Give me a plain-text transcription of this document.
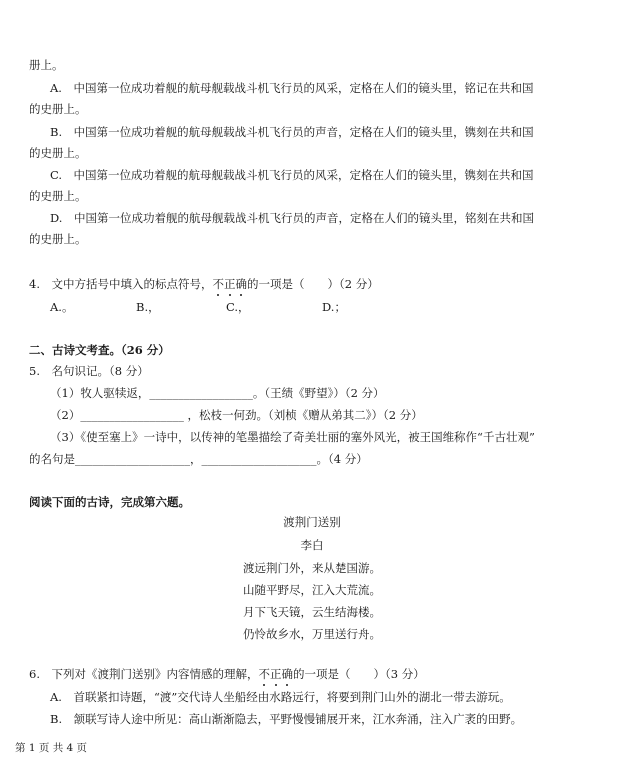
册上。
A.　中国第一位成功着舰的航母舰载战斗机飞行员的风采，定格在人们的镜头里，铭记在共和国
的史册上。
B.　中国第一位成功着舰的航母舰载战斗机飞行员的声音，定格在人们的镜头里，镌刻在共和国
的史册上。
C.　中国第一位成功着舰的航母舰载战斗机飞行员的风采，定格在人们的镜头里，镌刻在共和国
的史册上。
D.　中国第一位成功着舰的航母舰载战斗机飞行员的声音，定格在人们的镜头里，铭刻在共和国
的史册上。
4.　文中方括号中填入的标点符号，不正确的一项是（　　）（2 分）
A.。	B.，	C.，	D.；
二、古诗文考查。（26 分）
5.　名句识记。（8 分）
（1）牧人驱犊返，__________________。（王绩《野望》）（2 分）
（2）__________________ ，松枝一何劲。（刘桢《赠从弟其二》）（2 分）
（3）《使至塞上》一诗中，以传神的笔墨描绘了奇美壮丽的塞外风光，被王国维称作“千古壮观”
的名句是____________________，____________________。（4 分）
阅读下面的古诗，完成第六题。
渡荆门送别
李白
渡远荆门外，来从楚国游。
山随平野尽，江入大荒流。
月下飞天镜，云生结海楼。
仍怜故乡水，万里送行舟。
6.　下列对《渡荆门送别》内容情感的理解，不正确的一项是（　　）（3 分）
A.　首联紧扣诗题，“渡”交代诗人坐船经由水路远行，将要到荆门山外的湖北一带去游玩。
B.　颔联写诗人途中所见：高山渐渐隐去，平野慢慢铺展开来，江水奔涌，注入广袤的田野。
第 1 页 共 4 页
